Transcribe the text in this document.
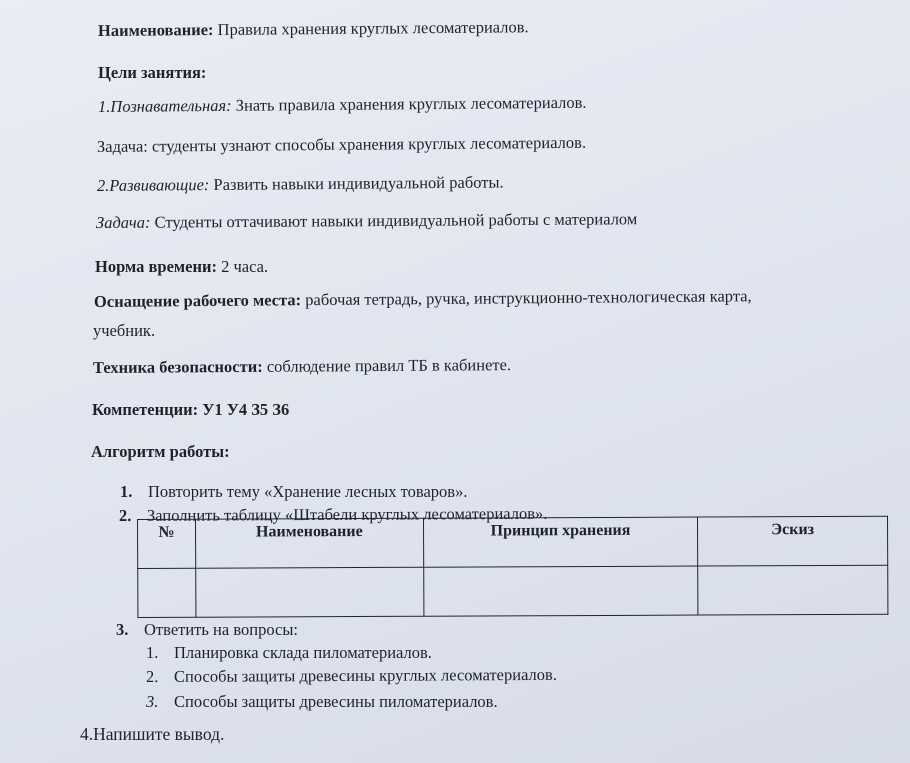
Наименование: Правила хранения круглых лесоматериалов.
Цели занятия:
1.Познавательная: Знать правила хранения круглых лесоматериалов.
Задача: студенты узнают способы хранения круглых лесоматериалов.
2.Развивающие: Развить навыки индивидуальной работы.
Задача: Студенты оттачивают навыки индивидуальной работы с материалом
Норма времени: 2 часа.
Оснащение рабочего места: рабочая тетрадь, ручка, инструкционно-технологическая карта,
учебник.
Техника безопасности: соблюдение правил ТБ в кабинете.
Компетенции: У1 У4 З5 З6
Алгоритм работы:
1. Повторить тему «Хранение лесных товаров».
2. Заполнить таблицу «Штабели круглых лесоматериалов».
№	Наименование	Принцип хранения	Эскиз

3. Ответить на вопросы:
1. Планировка склада пиломатериалов.
2. Способы защиты древесины круглых лесоматериалов.
3. Способы защиты древесины пиломатериалов.
4.Напишите вывод.
